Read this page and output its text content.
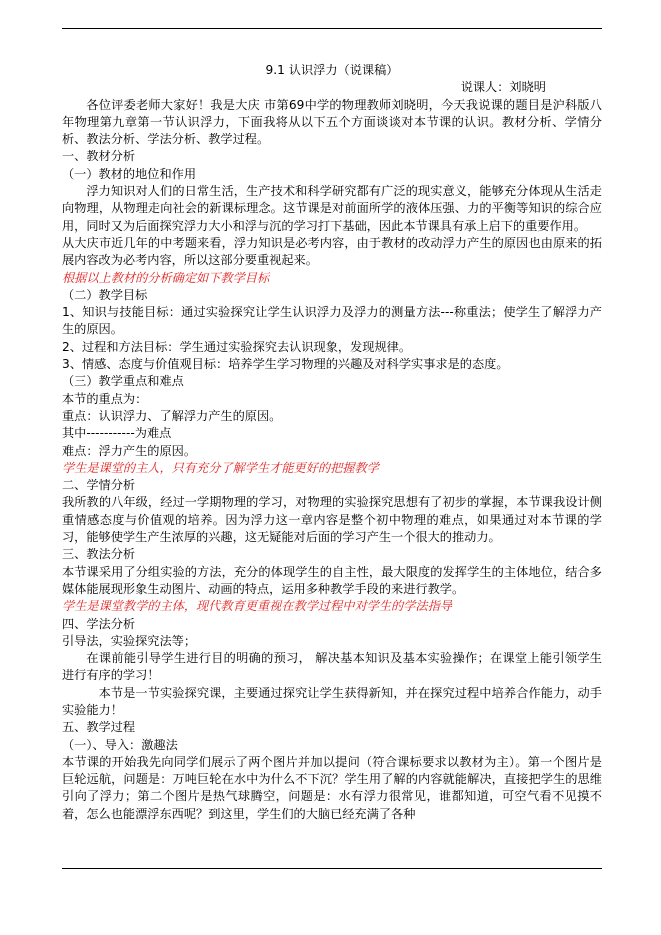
9.1 认识浮力（说课稿）
说课人：刘晓明

各位评委老师大家好！我是大庆 市第69中学的物理教师刘晓明，今天我说课的题目是沪科版八年物理第九章第一节认识浮力，下面我将从以下五个方面谈谈对本节课的认识。教材分析、学情分析、教法分析、学法分析、教学过程。

一、教材分析

（一）教材的地位和作用

浮力知识对人们的日常生活，生产技术和科学研究都有广泛的现实意义，能够充分体现从生活走向物理，从物理走向社会的新课标理念。这节课是对前面所学的液体压强、力的平衡等知识的综合应用，同时又为后面探究浮力大小和浮与沉的学习打下基础，因此本节课具有承上启下的重要作用。

从大庆市近几年的中考题来看，浮力知识是必考内容，由于教材的改动浮力产生的原因也由原来的拓展内容改为必考内容，所以这部分要重视起来。

根据以上教材的分析确定如下教学目标

（二）教学目标

1、知识与技能目标：通过实验探究让学生认识浮力及浮力的测量方法---称重法；使学生了解浮力产生的原因。

2、过程和方法目标：学生通过实验探究去认识现象，发现规律。

3、情感、态度与价值观目标：培养学生学习物理的兴趣及对科学实事求是的态度。

（三）教学重点和难点

本节的重点为：

重点：认识浮力、了解浮力产生的原因。

其中-----------为难点

难点：浮力产生的原因。

学生是课堂的主人，只有充分了解学生才能更好的把握教学

二、学情分析

我所教的八年级，经过一学期物理的学习，对物理的实验探究思想有了初步的掌握，本节课我设计侧重情感态度与价值观的培养。因为浮力这一章内容是整个初中物理的难点，如果通过对本节课的学习，能够使学生产生浓厚的兴趣，这无疑能对后面的学习产生一个很大的推动力。

三、教法分析

本节课采用了分组实验的方法，充分的体现学生的自主性，最大限度的发挥学生的主体地位，结合多媒体能展现形象生动图片、动画的特点，运用多种教学手段的来进行教学。

学生是课堂教学的主体，现代教育更重视在教学过程中对学生的学法指导

四、学法分析

引导法，实验探究法等；

在课前能引导学生进行目的明确的预习， 解决基本知识及基本实验操作；在课堂上能引领学生进行有序的学习！

本节是一节实验探究课，主要通过探究让学生获得新知，并在探究过程中培养合作能力，动手实验能力！

五、教学过程

（一）、导入：激趣法

本节课的开始我先向同学们展示了两个图片并加以提问（符合课标要求以教材为主）。第一个图片是巨轮远航，问题是：万吨巨轮在水中为什么不下沉？学生用了解的内容就能解决，直接把学生的思维引向了浮力；第二个图片是热气球腾空，问题是：水有浮力很常见，谁都知道，可空气看不见摸不着，怎么也能漂浮东西呢？到这里，学生们的大脑已经充满了各种
